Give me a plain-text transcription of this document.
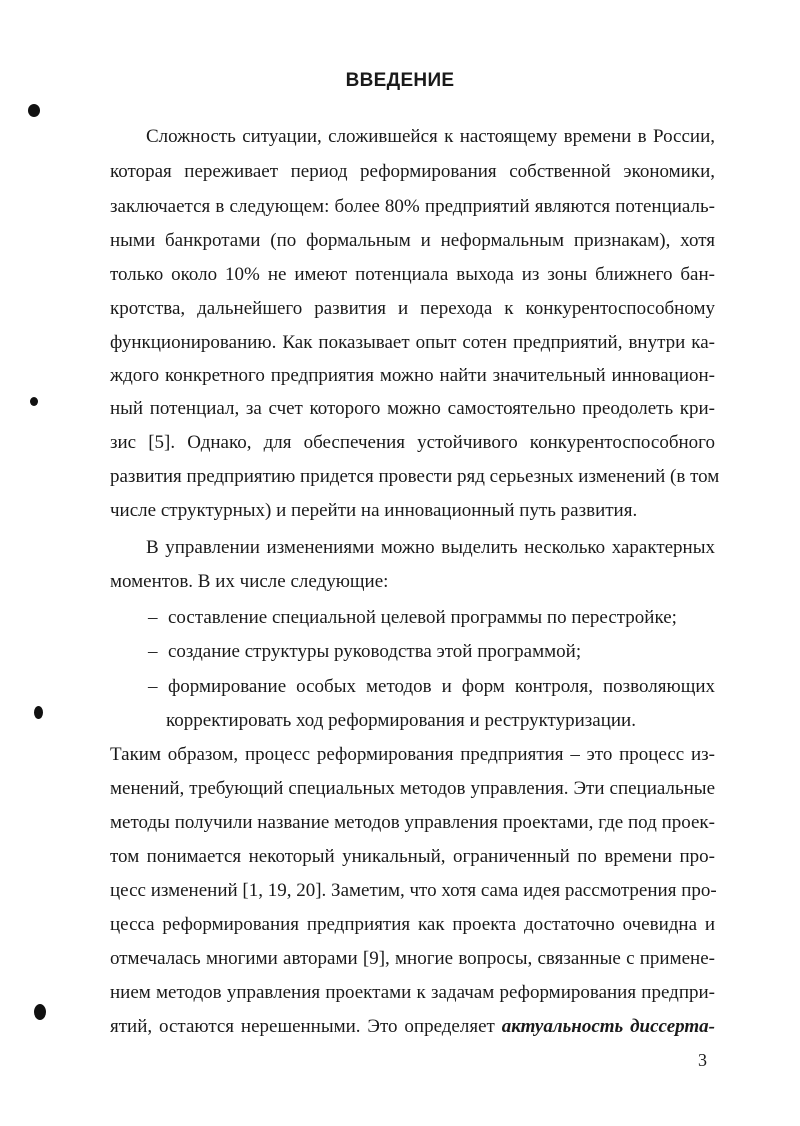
ВВЕДЕНИЕ
Сложность ситуации, сложившейся к настоящему времени в России,
которая переживает период реформирования собственной экономики,
заключается в следующем: более 80% предприятий являются потенциаль-
ными банкротами (по формальным и неформальным признакам), хотя
только около 10% не имеют потенциала выхода из зоны ближнего бан-
кротства, дальнейшего развития и перехода к конкурентоспособному
функционированию. Как показывает опыт сотен предприятий, внутри ка-
ждого конкретного предприятия можно найти значительный инновацион-
ный потенциал, за счет которого можно самостоятельно преодолеть кри-
зис [5]. Однако, для обеспечения устойчивого конкурентоспособного
развития предприятию придется провести ряд серьезных изменений (в том
числе структурных) и перейти на инновационный путь развития.
В управлении изменениями можно выделить несколько характерных
моментов. В их числе следующие:
– составление специальной целевой программы по перестройке;
– создание структуры руководства этой программой;
– формирование особых методов и форм контроля, позволяющих
корректировать ход реформирования и реструктуризации.
Таким образом, процесс реформирования предприятия – это процесс из-
менений, требующий специальных методов управления. Эти специальные
методы получили название методов управления проектами, где под проек-
том понимается некоторый уникальный, ограниченный по времени про-
цесс изменений [1, 19, 20]. Заметим, что хотя сама идея рассмотрения про-
цесса реформирования предприятия как проекта достаточно очевидна и
отмечалась многими авторами [9], многие вопросы, связанные с примене-
нием методов управления проектами к задачам реформирования предпри-
ятий, остаются нерешенными. Это определяет актуальность диссерта-
3
